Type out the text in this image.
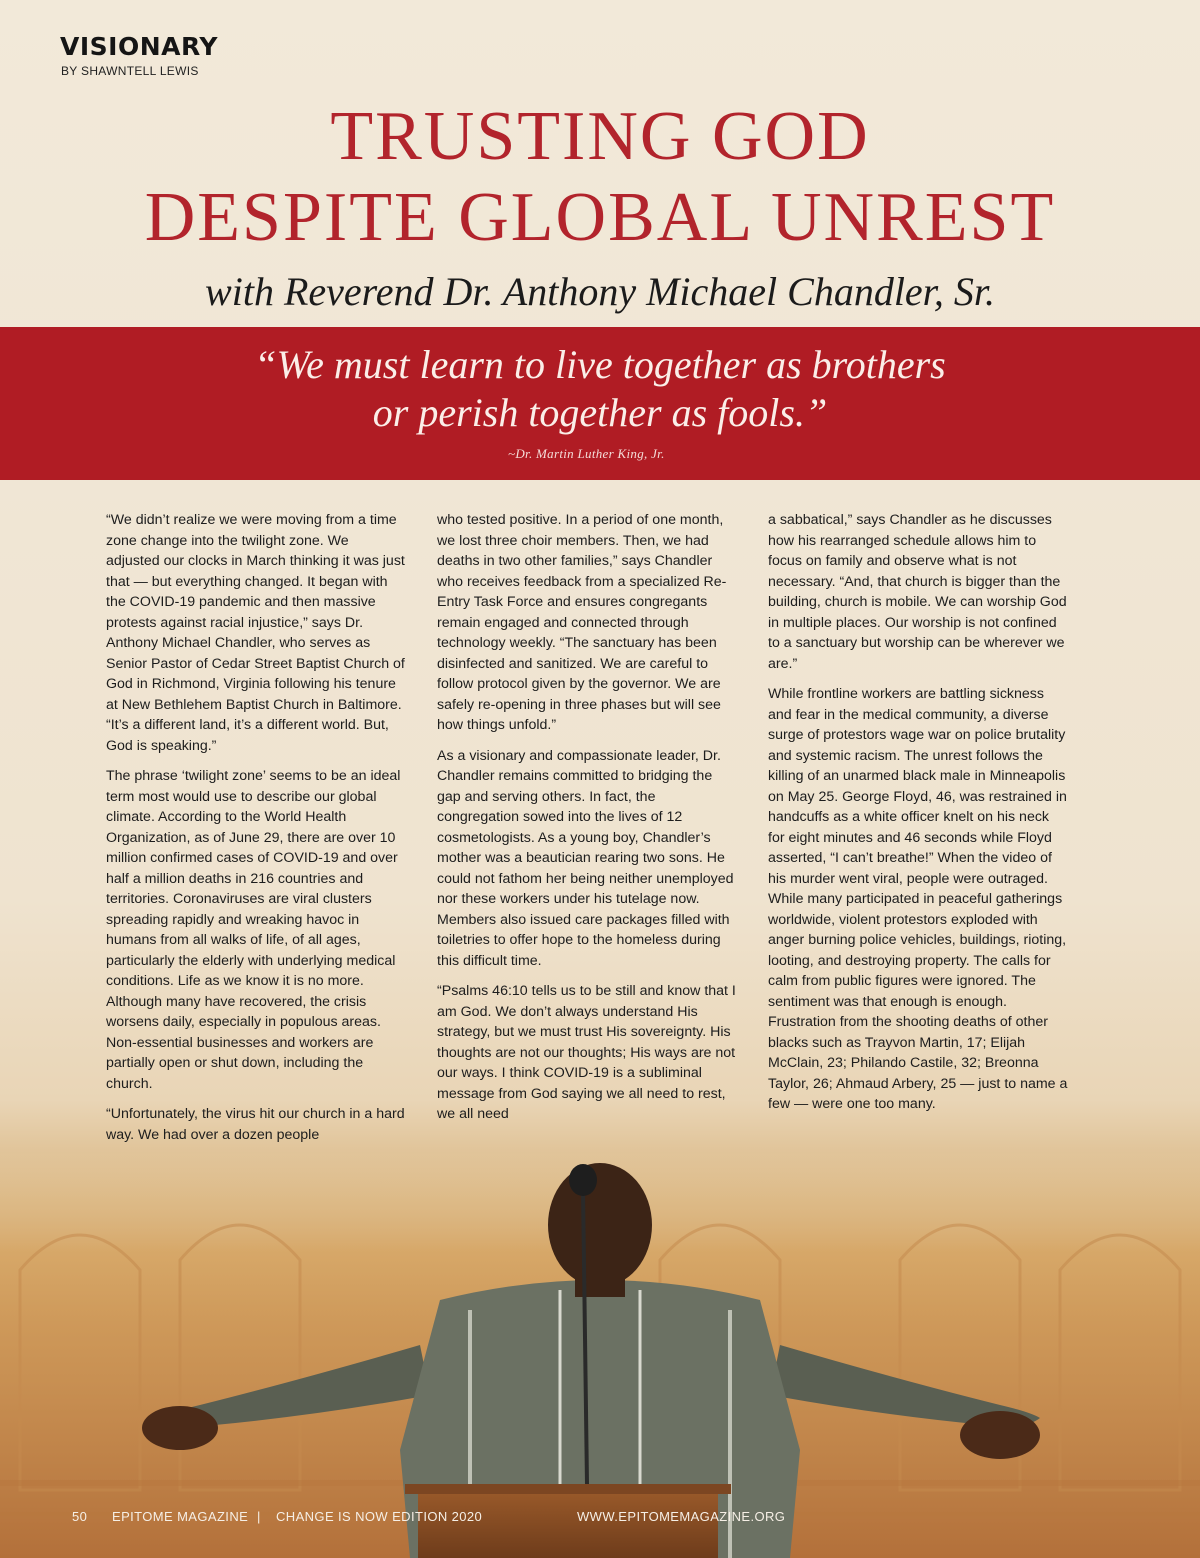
VISIONARY
BY SHAWNTELL LEWIS
TRUSTING GOD
DESPITE GLOBAL UNREST
with Reverend Dr. Anthony Michael Chandler, Sr.
“We must learn to live together as brothers
or perish together as fools.”
~Dr. Martin Luther King, Jr.

“We didn’t realize we were moving from a time zone change into the twilight zone. We adjusted our clocks in March thinking it was just that — but everything changed. It began with the COVID-19 pandemic and then massive protests against racial injustice,” says Dr. Anthony Michael Chandler, who serves as Senior Pastor of Cedar Street Baptist Church of God in Richmond, Virginia following his tenure at New Bethlehem Baptist Church in Baltimore. “It’s a different land, it’s a different world. But, God is speaking.”

The phrase ‘twilight zone’ seems to be an ideal term most would use to describe our global climate. According to the World Health Organization, as of June 29, there are over 10 million confirmed cases of COVID-19 and over half a million deaths in 216 countries and territories. Coronaviruses are viral clusters spreading rapidly and wreaking havoc in humans from all walks of life, of all ages, particularly the elderly with underlying medical conditions. Life as we know it is no more. Although many have recovered, the crisis worsens daily, especially in populous areas. Non-essential businesses and workers are partially open or shut down, including the church.

“Unfortunately, the virus hit our church in a hard way. We had over a dozen people

who tested positive. In a period of one month, we lost three choir members. Then, we had deaths in two other families,” says Chandler who receives feedback from a specialized Re-Entry Task Force and ensures congregants remain engaged and connected through technology weekly. “The sanctuary has been disinfected and sanitized. We are careful to follow protocol given by the governor. We are safely re-opening in three phases but will see how things unfold.”

As a visionary and compassionate leader, Dr. Chandler remains committed to bridging the gap and serving others. In fact, the congregation sowed into the lives of 12 cosmetologists. As a young boy, Chandler’s mother was a beautician rearing two sons. He could not fathom her being neither unemployed nor these workers under his tutelage now. Members also issued care packages filled with toiletries to offer hope to the homeless during this difficult time.

“Psalms 46:10 tells us to be still and know that I am God. We don’t always understand His strategy, but we must trust His sovereignty. His thoughts are not our thoughts; His ways are not our ways. I think COVID-19 is a subliminal message from God saying we all need to rest, we all need

a sabbatical,” says Chandler as he discusses how his rearranged schedule allows him to focus on family and observe what is not necessary. “And, that church is bigger than the building, church is mobile. We can worship God in multiple places. Our worship is not confined to a sanctuary but worship can be wherever we are.”

While frontline workers are battling sickness and fear in the medical community, a diverse surge of protestors wage war on police brutality and systemic racism. The unrest follows the killing of an unarmed black male in Minneapolis on May 25. George Floyd, 46, was restrained in handcuffs as a white officer knelt on his neck for eight minutes and 46 seconds while Floyd asserted, “I can’t breathe!” When the video of his murder went viral, people were outraged. While many participated in peaceful gatherings worldwide, violent protestors exploded with anger burning police vehicles, buildings, rioting, looting, and destroying property. The calls for calm from public figures were ignored. The sentiment was that enough is enough. Frustration from the shooting deaths of other blacks such as Trayvon Martin, 17; Elijah McClain, 23; Philando Castile, 32; Breonna Taylor, 26; Ahmaud Arbery, 25 — just to name a few — were one too many.

50 EPITOME MAGAZINE | CHANGE IS NOW EDITION 2020	WWW.EPITOMEMAGAZINE.ORG
